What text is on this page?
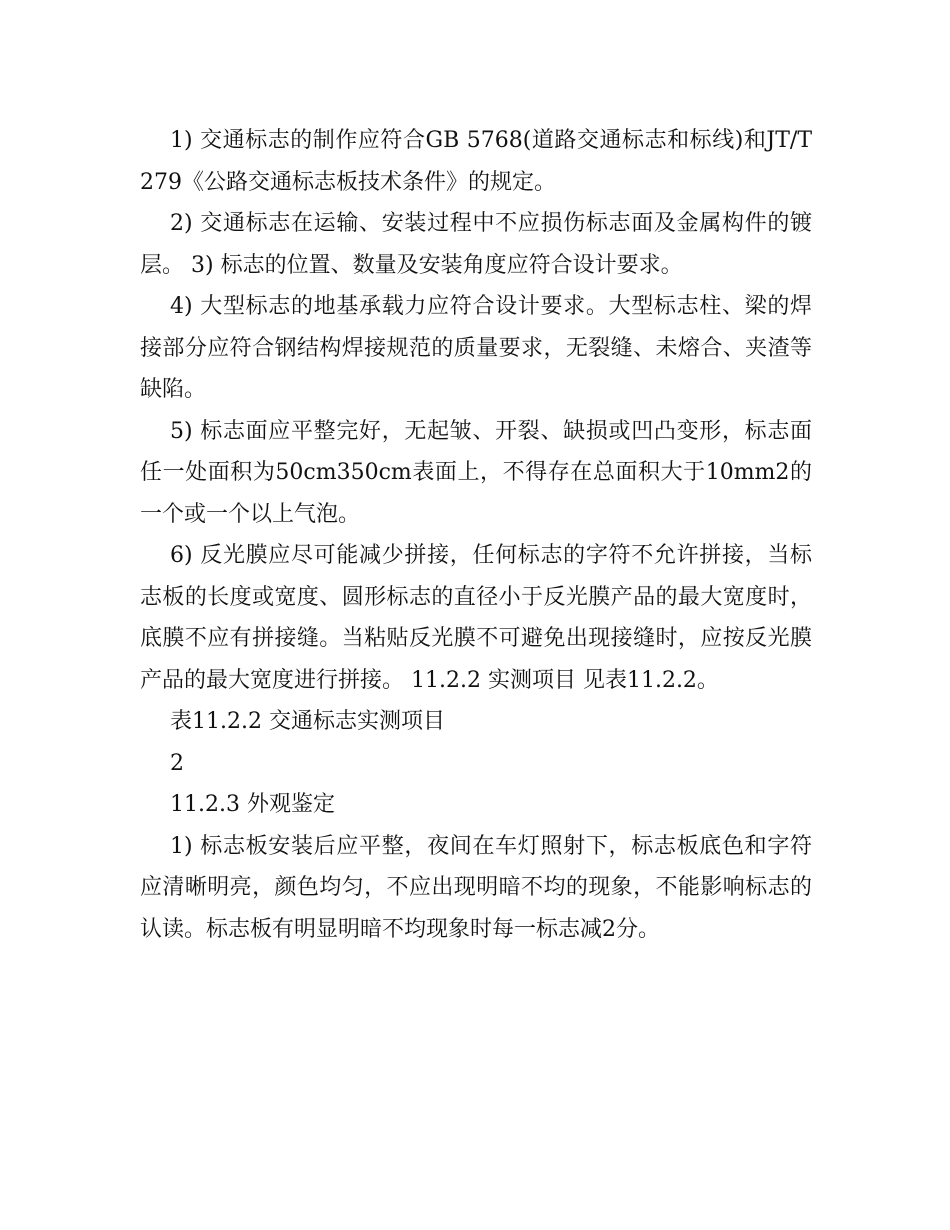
1) 交通标志的制作应符合GB 5768(道路交通标志和标线)和JT/T279《公路交通标志板技术条件》的规定。

2) 交通标志在运输、安装过程中不应损伤标志面及金属构件的镀层。 3) 标志的位置、数量及安装角度应符合设计要求。

4) 大型标志的地基承载力应符合设计要求。大型标志柱、梁的焊接部分应符合钢结构焊接规范的质量要求，无裂缝、未熔合、夹渣等缺陷。

5) 标志面应平整完好，无起皱、开裂、缺损或凹凸变形，标志面任一处面积为50cm350cm表面上，不得存在总面积大于10mm2的一个或一个以上气泡。

6) 反光膜应尽可能减少拼接，任何标志的字符不允许拼接，当标志板的长度或宽度、圆形标志的直径小于反光膜产品的最大宽度时，底膜不应有拼接缝。当粘贴反光膜不可避免出现接缝时，应按反光膜产品的最大宽度进行拼接。 11.2.2 实测项目 见表11.2.2。

表11.2.2 交通标志实测项目

2

11.2.3 外观鉴定

1) 标志板安装后应平整，夜间在车灯照射下，标志板底色和字符应清晰明亮，颜色均匀，不应出现明暗不均的现象，不能影响标志的认读。标志板有明显明暗不均现象时每一标志减2分。
